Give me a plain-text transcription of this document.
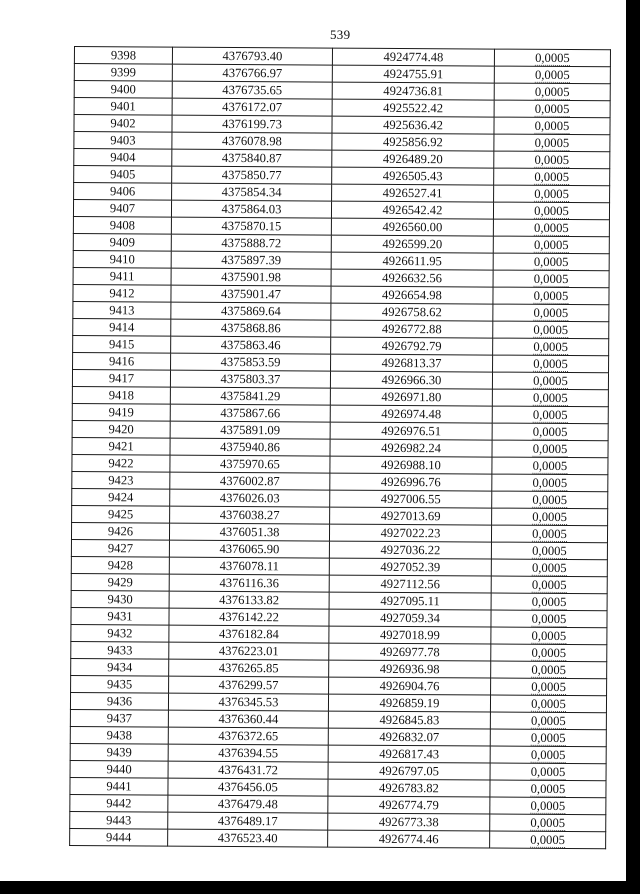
539
9398	4376793.40	4924774.48	0,0005
9399	4376766.97	4924755.91	0,0005
9400	4376735.65	4924736.81	0,0005
9401	4376172.07	4925522.42	0,0005
9402	4376199.73	4925636.42	0,0005
9403	4376078.98	4925856.92	0,0005
9404	4375840.87	4926489.20	0,0005
9405	4375850.77	4926505.43	0,0005
9406	4375854.34	4926527.41	0,0005
9407	4375864.03	4926542.42	0,0005
9408	4375870.15	4926560.00	0,0005
9409	4375888.72	4926599.20	0,0005
9410	4375897.39	4926611.95	0,0005
9411	4375901.98	4926632.56	0,0005
9412	4375901.47	4926654.98	0,0005
9413	4375869.64	4926758.62	0,0005
9414	4375868.86	4926772.88	0,0005
9415	4375863.46	4926792.79	0,0005
9416	4375853.59	4926813.37	0,0005
9417	4375803.37	4926966.30	0,0005
9418	4375841.29	4926971.80	0,0005
9419	4375867.66	4926974.48	0,0005
9420	4375891.09	4926976.51	0,0005
9421	4375940.86	4926982.24	0,0005
9422	4375970.65	4926988.10	0,0005
9423	4376002.87	4926996.76	0,0005
9424	4376026.03	4927006.55	0,0005
9425	4376038.27	4927013.69	0,0005
9426	4376051.38	4927022.23	0,0005
9427	4376065.90	4927036.22	0,0005
9428	4376078.11	4927052.39	0,0005
9429	4376116.36	4927112.56	0,0005
9430	4376133.82	4927095.11	0,0005
9431	4376142.22	4927059.34	0,0005
9432	4376182.84	4927018.99	0,0005
9433	4376223.01	4926977.78	0,0005
9434	4376265.85	4926936.98	0,0005
9435	4376299.57	4926904.76	0,0005
9436	4376345.53	4926859.19	0,0005
9437	4376360.44	4926845.83	0,0005
9438	4376372.65	4926832.07	0,0005
9439	4376394.55	4926817.43	0,0005
9440	4376431.72	4926797.05	0,0005
9441	4376456.05	4926783.82	0,0005
9442	4376479.48	4926774.79	0,0005
9443	4376489.17	4926773.38	0,0005
9444	4376523.40	4926774.46	0,0005
